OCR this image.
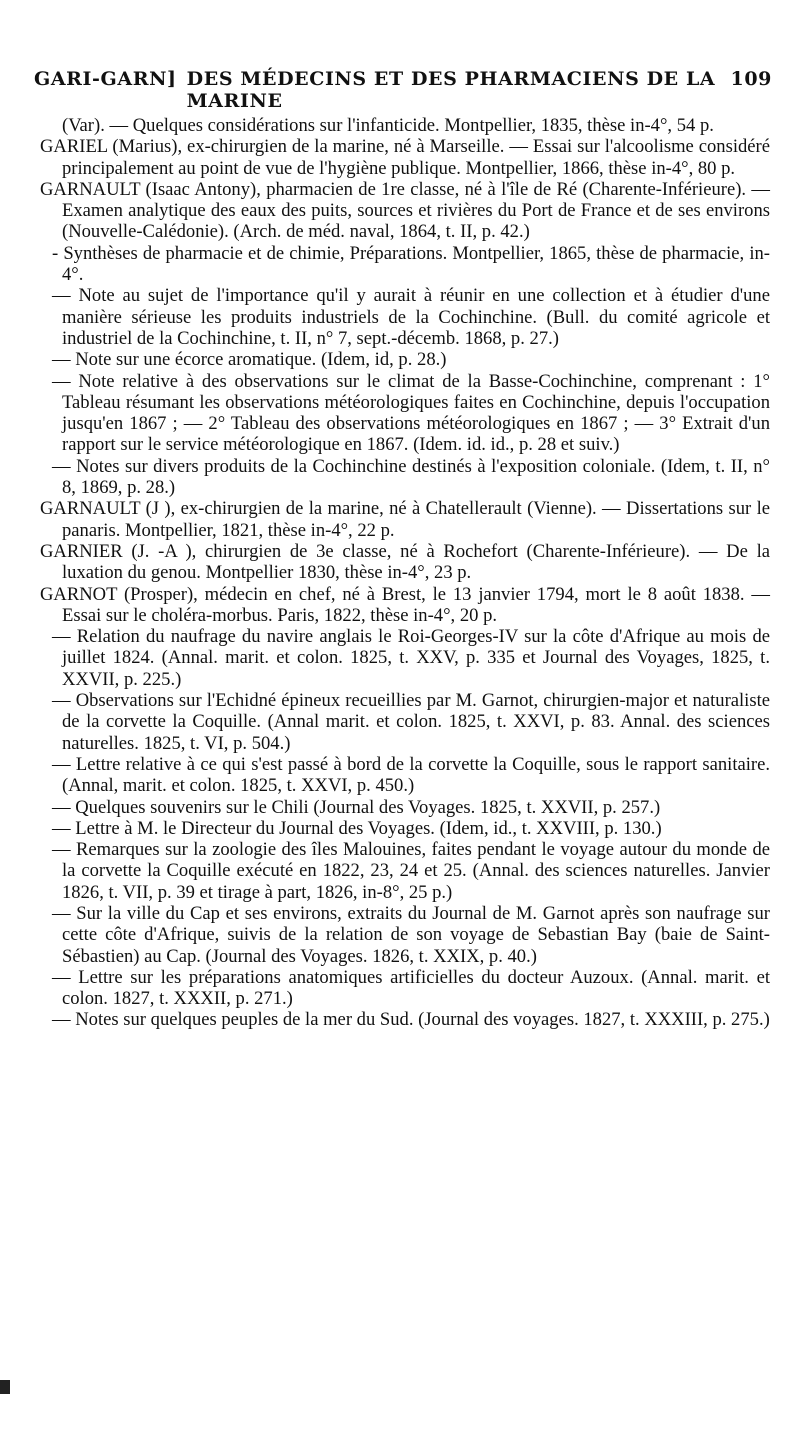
GARI-GARN] DES MÉDECINS ET DES PHARMACIENS DE LA MARINE
109

(Var). — Quelques considérations sur l'infanticide. Montpellier, 1835, thèse in-4°, 54 p.

GARIEL (Marius), ex-chirurgien de la marine, né à Marseille. — Essai sur l'alcoolisme considéré principalement au point de vue de l'hygiène publique. Montpellier, 1866, thèse in-4°, 80 p.

GARNAULT (Isaac Antony), pharmacien de 1re classe, né à l'île de Ré (Charente-Inférieure). — Examen analytique des eaux des puits, sources et rivières du Port de France et de ses environs (Nouvelle-Calédonie). (Arch. de méd. naval, 1864, t. II, p. 42.)

- Synthèses de pharmacie et de chimie, Préparations. Montpellier, 1865, thèse de pharmacie, in-4°.

— Note au sujet de l'importance qu'il y aurait à réunir en une collection et à étudier d'une manière sérieuse les produits industriels de la Cochinchine. (Bull. du comité agricole et industriel de la Cochinchine, t. II, n° 7, sept.-décemb. 1868, p. 27.)

— Note sur une écorce aromatique. (Idem, id, p. 28.)

— Note relative à des observations sur le climat de la Basse-Cochinchine, comprenant : 1° Tableau résumant les observations météorologiques faites en Cochinchine, depuis l'occupation jusqu'en 1867 ; — 2° Tableau des observations météorologiques en 1867 ; — 3° Extrait d'un rapport sur le service météorologique en 1867. (Idem. id. id., p. 28 et suiv.)

— Notes sur divers produits de la Cochinchine destinés à l'exposition coloniale. (Idem, t. II, n° 8, 1869, p. 28.)

GARNAULT (J ), ex-chirurgien de la marine, né à Chatellerault (Vienne). — Dissertations sur le panaris. Montpellier, 1821, thèse in-4°, 22 p.

GARNIER (J. -A ), chirurgien de 3e classe, né à Rochefort (Charente-Inférieure). — De la luxation du genou. Montpellier 1830, thèse in-4°, 23 p.

GARNOT (Prosper), médecin en chef, né à Brest, le 13 janvier 1794, mort le 8 août 1838. — Essai sur le choléra-morbus. Paris, 1822, thèse in-4°, 20 p.

— Relation du naufrage du navire anglais le Roi-Georges-IV sur la côte d'Afrique au mois de juillet 1824. (Annal. marit. et colon. 1825, t. XXV, p. 335 et Journal des Voyages, 1825, t. XXVII, p. 225.)

— Observations sur l'Echidné épineux recueillies par M. Garnot, chirurgien-major et naturaliste de la corvette la Coquille. (Annal marit. et colon. 1825, t. XXVI, p. 83. Annal. des sciences naturelles. 1825, t. VI, p. 504.)

— Lettre relative à ce qui s'est passé à bord de la corvette la Coquille, sous le rapport sanitaire. (Annal, marit. et colon. 1825, t. XXVI, p. 450.)

— Quelques souvenirs sur le Chili (Journal des Voyages. 1825, t. XXVII, p. 257.)

— Lettre à M. le Directeur du Journal des Voyages. (Idem, id., t. XXVIII, p. 130.)

— Remarques sur la zoologie des îles Malouines, faites pendant le voyage autour du monde de la corvette la Coquille exécuté en 1822, 23, 24 et 25. (Annal. des sciences naturelles. Janvier 1826, t. VII, p. 39 et tirage à part, 1826, in-8°, 25 p.)

— Sur la ville du Cap et ses environs, extraits du Journal de M. Garnot après son naufrage sur cette côte d'Afrique, suivis de la relation de son voyage de Sebastian Bay (baie de Saint-Sébastien) au Cap. (Journal des Voyages. 1826, t. XXIX, p. 40.)

— Lettre sur les préparations anatomiques artificielles du docteur Auzoux. (Annal. marit. et colon. 1827, t. XXXII, p. 271.)

— Notes sur quelques peuples de la mer du Sud. (Journal des voyages. 1827, t. XXXIII, p. 275.)
